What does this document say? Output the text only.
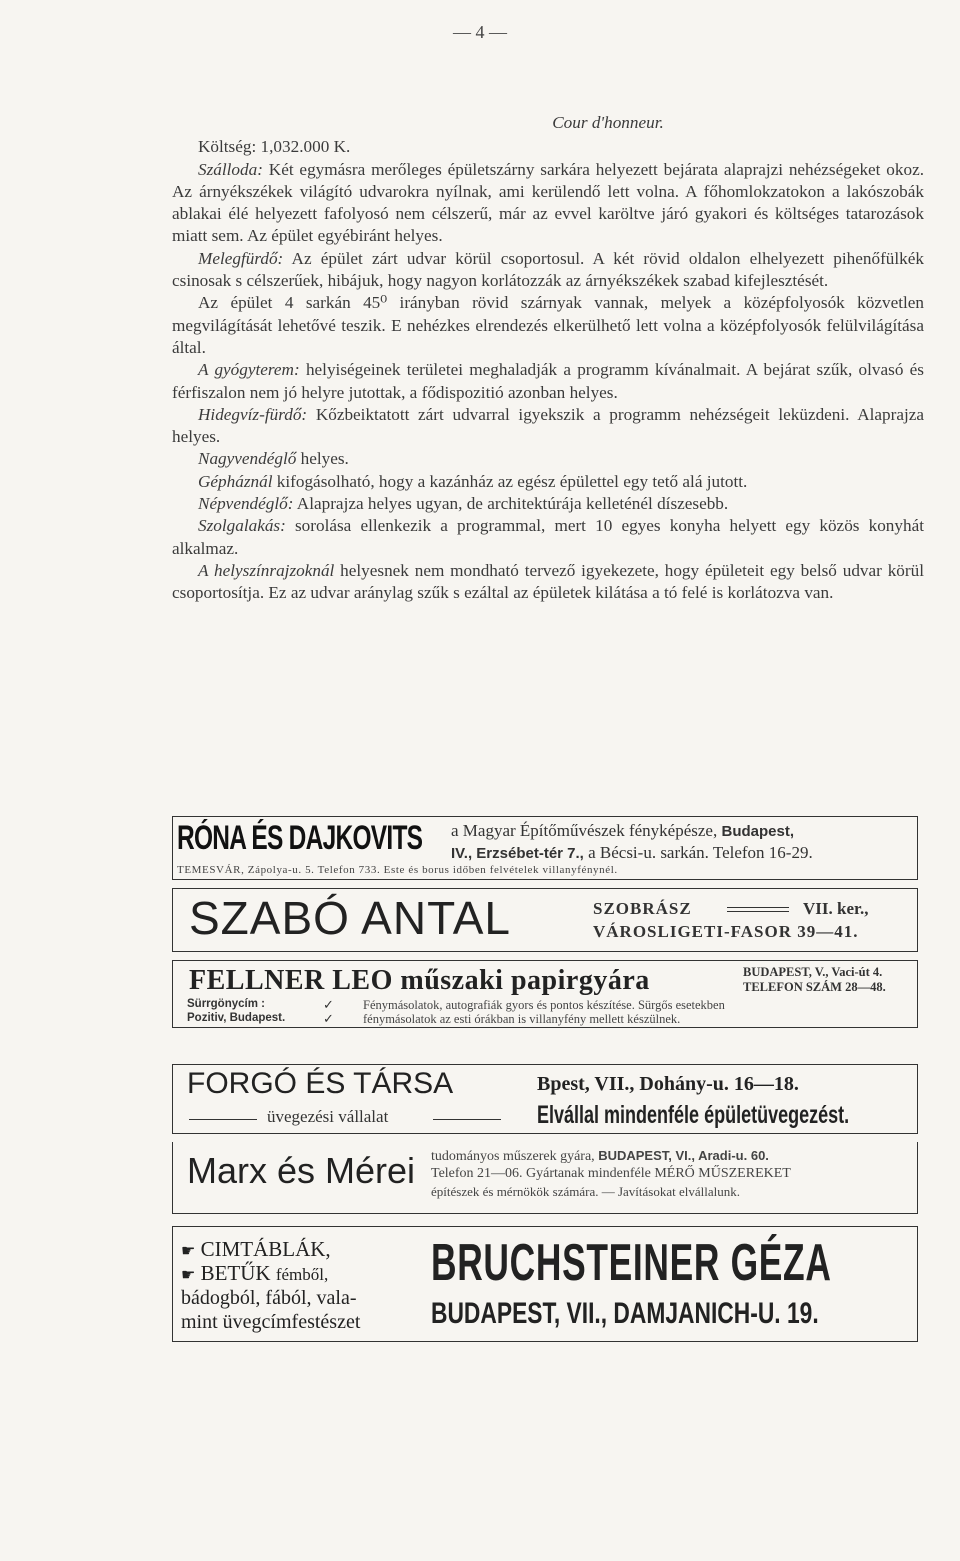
— 4 —

Cour d'honneur.

Költség: 1,032.000 K.

Szálloda: Két egymásra merőleges épületszárny sarkára helyezett bejárata alaprajzi nehézségeket okoz. Az árnyékszékek világító udvarokra nyílnak, ami kerülendő lett volna. A főhomlokzatokon a lakószobák ablakai élé helyezett fafolyosó nem célszerű, már az evvel karöltve járó gyakori és költséges tatarozások miatt sem. Az épület egyébiránt helyes.

Melegfürdő: Az épület zárt udvar körül csoportosul. A két rövid oldalon elhelyezett pihenőfülkék csinosak s célszerűek, hibájuk, hogy nagyon korlátozzák az árnyékszékek szabad kifejlesztését.

Az épület 4 sarkán 45⁰ irányban rövid szárnyak vannak, melyek a középfolyosók közvetlen megvilágítását lehetővé teszik. E nehézkes elrendezés elkerülhető lett volna a középfolyosók felülvilágítása által.

A gyógyterem: helyiségeinek területei meghaladják a programm kívánalmait. A bejárat szűk, olvasó és férfiszalon nem jó helyre jutottak, a fődispozitió azonban helyes.

Hidegvíz-fürdő: Kőzbeiktatott zárt udvarral igyekszik a programm nehézségeit leküzdeni. Alaprajza helyes.

Nagyvendéglő helyes.

Gépháznál kifogásolható, hogy a kazánház az egész épülettel egy tető alá jutott.

Népvendéglő: Alaprajza helyes ugyan, de architektúrája kelleténél díszesebb.

Szolgalakás: sorolása ellenkezik a programmal, mert 10 egyes konyha helyett egy közös konyhát alkalmaz.

A helyszínrajzoknál helyesnek nem mondható tervező igyekezete, hogy épületeit egy belső udvar körül csoportosítja. Ez az udvar aránylag szűk s ezáltal az épületek kilátása a tó felé is korlátozva van.

RÓNA ÉS DAJKOVITS	a Magyar Építőművészek fényképésze, Budapest,
IV., Erzsébet-tér 7., a Bécsi-u. sarkán. Telefon 16-29.
TEMESVÁR, Zápolya-u. 5. Telefon 733. Este és borus időben felvételek villanyfénynél.
SZABÓ ANTAL	SZOBRÁSZ	VII. ker.,
VÁROSLIGETI-FASOR 39—41.
FELLNER LEO műszaki papirgyára	BUDAPEST, V., Vaci-út 4.
TELEFON SZÁM 28—48.
Sürrgönycím :
Pozitiv, Budapest.
✓
✓
Fénymásolatok, autografiák gyors és pontos készítése. Sürgős esetekben
fénymásolatok az esti órákban is villanyfény mellett készülnek.
FORGÓ ÉS TÁRSA
üvegezési vállalat
Bpest, VII., Dohány-u. 16—18.
Elvállal mindenféle épületüvegezést.
Marx és Mérei tudományos műszerek gyára, BUDAPEST, VI., Aradi-u. 60.
Telefon 21—06. Gyártanak mindenféle MÉRŐ MŰSZEREKET
építészek és mérnökök számára. — Javításokat elvállalunk.
☛ CIMTÁBLÁK,
☛ BETŰK fémből,
bádogból, fából, vala-
mint üvegcímfestészet
BRUCHSTEINER GÉZA
BUDAPEST, VII., DAMJANICH-U. 19.
